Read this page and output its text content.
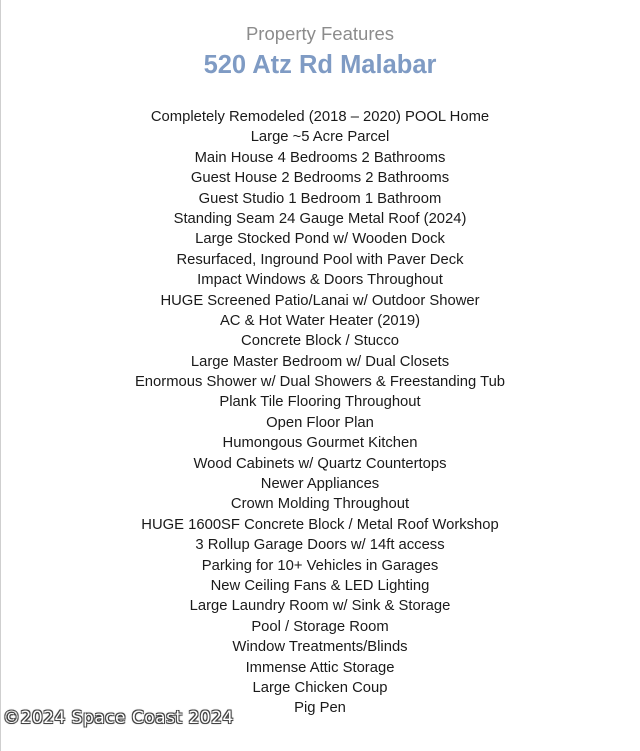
Property Features
520 Atz Rd Malabar
Completely Remodeled (2018 – 2020) POOL Home
Large ~5 Acre Parcel
Main House 4 Bedrooms 2 Bathrooms
Guest House 2 Bedrooms 2 Bathrooms
Guest Studio 1 Bedroom 1 Bathroom
Standing Seam 24 Gauge Metal Roof (2024)
Large Stocked Pond w/ Wooden Dock
Resurfaced, Inground Pool with Paver Deck
Impact Windows & Doors Throughout
HUGE Screened Patio/Lanai w/ Outdoor Shower
AC & Hot Water Heater (2019)
Concrete Block / Stucco
Large Master Bedroom w/ Dual Closets
Enormous Shower w/ Dual Showers & Freestanding Tub
Plank Tile Flooring Throughout
Open Floor Plan
Humongous Gourmet Kitchen
Wood Cabinets w/ Quartz Countertops
Newer Appliances
Crown Molding Throughout
HUGE 1600SF Concrete Block / Metal Roof Workshop
3 Rollup Garage Doors w/ 14ft access
Parking for 10+ Vehicles in Garages
New Ceiling Fans & LED Lighting
Large Laundry Room w/ Sink & Storage
Pool / Storage Room
Window Treatments/Blinds
Immense Attic Storage
Large Chicken Coup
Pig Pen
©2024 Space Coast 2024
